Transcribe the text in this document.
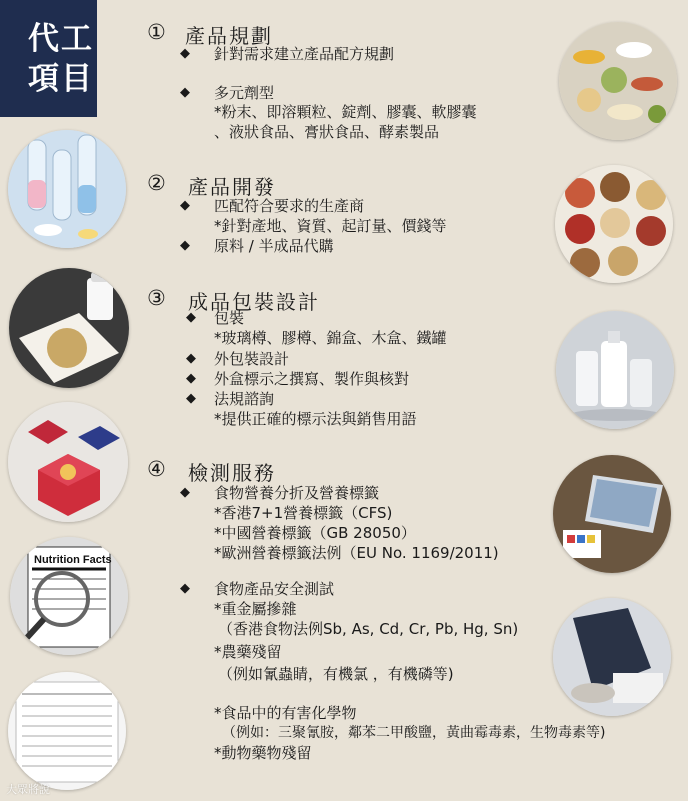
代工
項目
Nutrition Facts
① 產品規劃
◆ 針對需求建立產品配方規劃
◆ 多元劑型
*粉末、即溶顆粒、錠劑、膠囊、軟膠囊
、液狀食品、膏狀食品、酵素製品
② 產品開發
◆ 匹配符合要求的生產商
*針對產地、資質、起訂量、價錢等
◆ 原料 / 半成品代購
③ 成品包裝設計
◆ 包裝
*玻璃樽、膠樽、錦盒、木盒、鐵罐
◆ 外包裝設計
◆ 外盒標示之撰寫、製作與核對
◆ 法規諮詢
*提供正確的標示法與銷售用語
④ 檢測服務
◆ 食物營養分折及營養標籤
*香港7+1營養標籤（CFS)
*中國營養標籤（GB 28050）
*歐洲營養標籤法例（EU No. 1169/2011)
◆ 食物產品安全測試
*重金屬摻雜
（香港食物法例Sb, As, Cd, Cr, Pb, Hg, Sn)
*農藥殘留
（例如氰蟲睛，有機氯 ，有機磷等)
*食品中的有害化學物
（例如：三聚氰胺，鄰苯二甲酸鹽，黃曲霉毒素，生物毒素等)
*動物藥物殘留
大眾將說
